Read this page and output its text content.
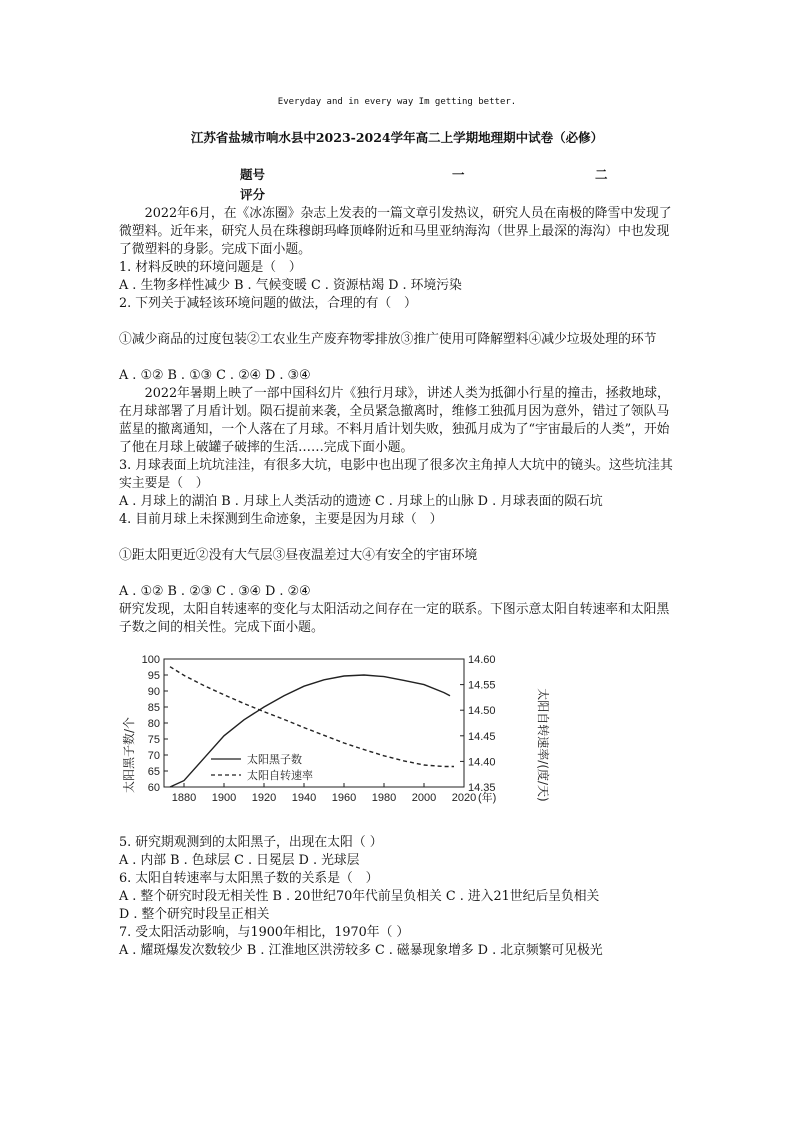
Everyday and in every way Im getting better.
江苏省盐城市响水县中2023-2024学年高二上学期地理期中试卷（必修）
题号	一	二
评分

2022年6月，在《冰冻圈》杂志上发表的一篇文章引发热议，研究人员在南极的降雪中发现了微塑料。近年来，研究人员在珠穆朗玛峰顶峰附近和马里亚纳海沟（世界上最深的海沟）中也发现了微塑料的身影。完成下面小题。

1. 材料反映的环境问题是（　）

A . 生物多样性减少 B . 气候变暖 C . 资源枯竭 D . 环境污染

2. 下列关于减轻该环境问题的做法，合理的有（　）

①减少商品的过度包装②工农业生产废弃物零排放③推广使用可降解塑料④减少垃圾处理的环节

A . ①② B . ①③ C . ②④ D . ③④

2022年暑期上映了一部中国科幻片《独行月球》，讲述人类为抵御小行星的撞击，拯救地球，在月球部署了月盾计划。陨石提前来袭，全员紧急撤离时，维修工独孤月因为意外，错过了领队马蓝星的撤离通知，一个人落在了月球。不料月盾计划失败，独孤月成为了“宇宙最后的人类”，开始了他在月球上破罐子破摔的生活……完成下面小题。

3. 月球表面上坑坑洼洼，有很多大坑，电影中也出现了很多次主角掉人大坑中的镜头。这些坑洼其实主要是（　）

A . 月球上的湖泊 B . 月球上人类活动的遗迹 C . 月球上的山脉 D . 月球表面的陨石坑

4. 目前月球上未探测到生命迹象，主要是因为月球（　）

①距太阳更近②没有大气层③昼夜温差过大④有安全的宇宙环境

A . ①② B . ②③ C . ③④ D . ②④

研究发现，太阳自转速率的变化与太阳活动之间存在一定的联系。下图示意太阳自转速率和太阳黑子数之间的相关性。完成下面小题。

太阳黑子数/个	太阳自转速率/(度/天)
60
65
70
75
80
85
90
95
100
14.35
14.40
14.45
14.50
14.55
14.60
1880 1900 1920 1940 1960 1980 2000 2020 (年)
太阳黑子数
太阳自转速率

5. 研究期观测到的太阳黑子，出现在太阳（ ）

A . 内部 B . 色球层 C . 日冕层 D . 光球层

6. 太阳自转速率与太阳黑子数的关系是（　）

A . 整个研究时段无相关性 B . 20世纪70年代前呈负相关 C . 进入21世纪后呈负相关

D . 整个研究时段呈正相关

7. 受太阳活动影响，与1900年相比，1970年（ ）

A . 耀斑爆发次数较少 B . 江淮地区洪涝较多 C . 磁暴现象增多 D . 北京频繁可见极光
